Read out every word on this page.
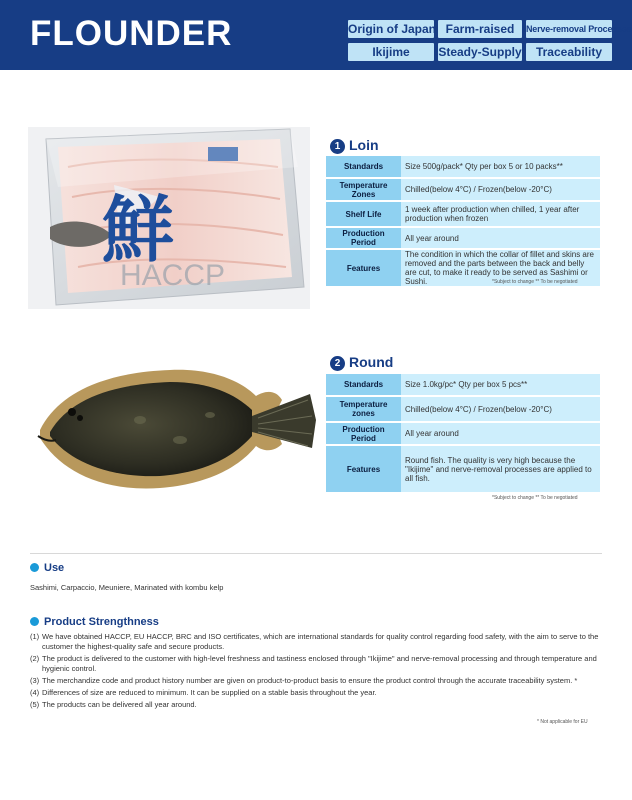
FLOUNDER	Origin of Japan Farm-raised	Nerve-removal Processes
Ikijime	Steady-Supply	Traceability
鮮
HACCP
1 Loin
Standards	Size 500g/pack* Qty per box 5 or 10 packs**
Temperature Zones	Chilled(below 4°C) / Frozen(below -20°C)
Shelf Life	1 week after production when chilled, 1 year after production when frozen
Production Period	All year around
Features	The condition in which the collar of fillet and skins are removed and the parts between the back and belly are cut, to make it ready to be served as Sashimi or Sushi.	*Subject to change ** To be negotiated
2 Round
Standards	Size 1.0kg/pc* Qty per box 5 pcs**
Temperature zones	Chilled(below 4°C) / Frozen(below -20°C)
Production Period	All year around
Features	Round fish. The quality is very high because the "Ikijime" and nerve-removal processes are applied to all fish.
*Subject to change ** To be negotiated
Use
Sashimi, Carpaccio, Meuniere, Marinated with kombu kelp
Product Strengthness
(1) We have obtained HACCP, EU HACCP, BRC and ISO certificates, which are international standards for quality control regarding food safety, with the aim to serve to the customer the highest-quality safe and secure products.
(2) The product is delivered to the customer with high-level freshness and tastiness enclosed through "Ikijime" and nerve-removal processing and through temperature and hygienic control.
(3) The merchandize code and product history number are given on product-to-product basis to ensure the product control through the accurate traceability system. *
(4) Differences of size are reduced to minimum. It can be supplied on a stable basis throughout the year.
(5) The products can be delivered all year around.
* Not applicable for EU
